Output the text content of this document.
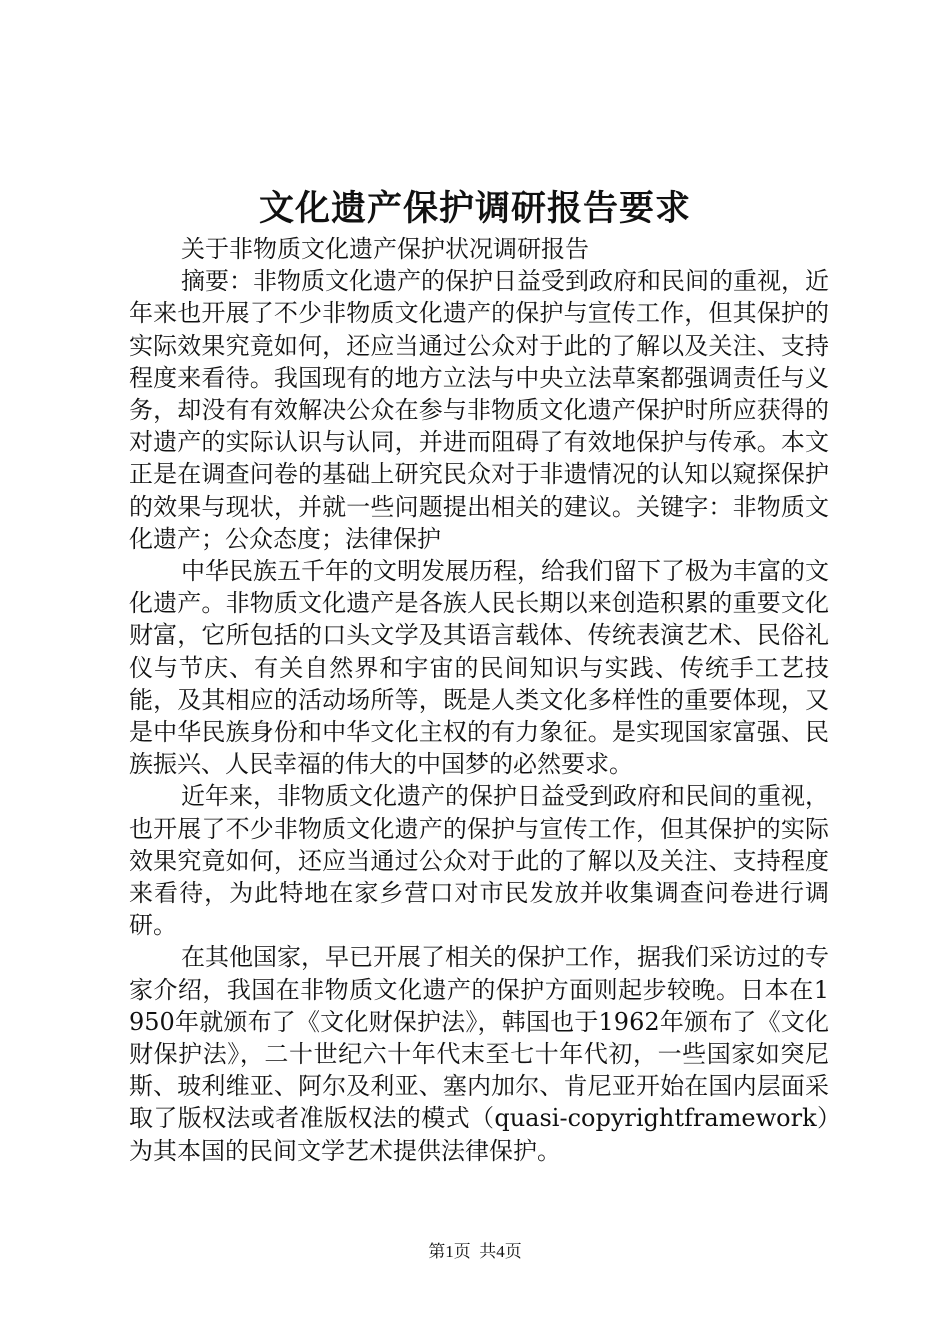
文化遗产保护调研报告要求

关于非物质文化遗产保护状况调研报告

摘要：非物质文化遗产的保护日益受到政府和民间的重视，近年来也开展了不少非物质文化遗产的保护与宣传工作，但其保护的实际效果究竟如何，还应当通过公众对于此的了解以及关注、支持程度来看待。我国现有的地方立法与中央立法草案都强调责任与义务，却没有有效解决公众在参与非物质文化遗产保护时所应获得的对遗产的实际认识与认同，并进而阻碍了有效地保护与传承。本文正是在调查问卷的基础上研究民众对于非遗情况的认知以窥探保护的效果与现状，并就一些问题提出相关的建议。关键字：非物质文化遗产；公众态度；法律保护

中华民族五千年的文明发展历程，给我们留下了极为丰富的文化遗产。非物质文化遗产是各族人民长期以来创造积累的重要文化财富，它所包括的口头文学及其语言载体、传统表演艺术、民俗礼仪与节庆、有关自然界和宇宙的民间知识与实践、传统手工艺技能，及其相应的活动场所等，既是人类文化多样性的重要体现，又是中华民族身份和中华文化主权的有力象征。是实现国家富强、民族振兴、人民幸福的伟大的中国梦的必然要求。

近年来，非物质文化遗产的保护日益受到政府和民间的重视，也开展了不少非物质文化遗产的保护与宣传工作，但其保护的实际效果究竟如何，还应当通过公众对于此的了解以及关注、支持程度来看待，为此特地在家乡营口对市民发放并收集调查问卷进行调研。

在其他国家，早已开展了相关的保护工作，据我们采访过的专家介绍，我国在非物质文化遗产的保护方面则起步较晚。日本在1950年就颁布了《文化财保护法》，韩国也于1962年颁布了《文化财保护法》，二十世纪六十年代末至七十年代初，一些国家如突尼斯、玻利维亚、阿尔及利亚、塞内加尔、肯尼亚开始在国内层面采取了版权法或者准版权法的模式（quasi-copyrightframework）为其本国的民间文学艺术提供法律保护。

第1页 共4页
